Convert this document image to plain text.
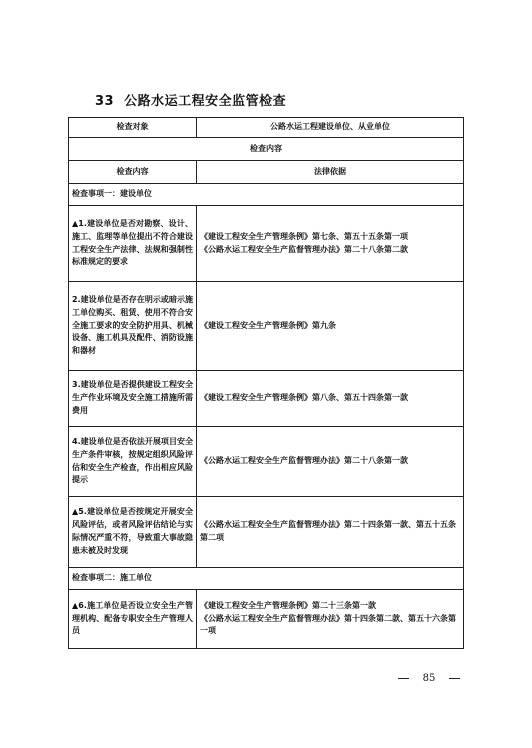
33 公路水运工程安全监管检查
检查对象	公路水运工程建设单位、从业单位
检查内容	
检查内容	法律依据
检查事项一：建设单位	
▲1.建设单位是否对勘察、设计、施工、监理等单位提出不符合建设工程安全生产法律、法规和强制性标准规定的要求	《建设工程安全生产管理条例》第七条、第五十五条第一项
《公路水运工程安全生产监督管理办法》第二十八条第二款

2.建设单位是否存在明示或暗示施工单位购买、租赁、使用不符合安全施工要求的安全防护用具、机械设备、施工机具及配件、消防设施和器材	《建设工程安全生产管理条例》第九条

3.建设单位是否提供建设工程安全生产作业环境及安全施工措施所需费用	《建设工程安全生产管理条例》第八条、第五十四条第一款

4.建设单位是否依法开展项目安全生产条件审核，按规定组织风险评估和安全生产检查，作出相应风险提示	《公路水运工程安全生产监督管理办法》第二十八条第一款

▲5.建设单位是否按规定开展安全风险评估，或者风险评估结论与实际情况严重不符，导致重大事故隐患未被及时发现	《公路水运工程安全生产监督管理办法》第二十四条第一款、第五十五条第二项

检查事项二：施工单位	
▲6.施工单位是否设立安全生产管理机构、配备专职安全生产管理人员	《建设工程安全生产管理条例》第二十三条第一款
《公路水运工程安全生产监督管理办法》第十四条第二款、第五十六条第一项
85
